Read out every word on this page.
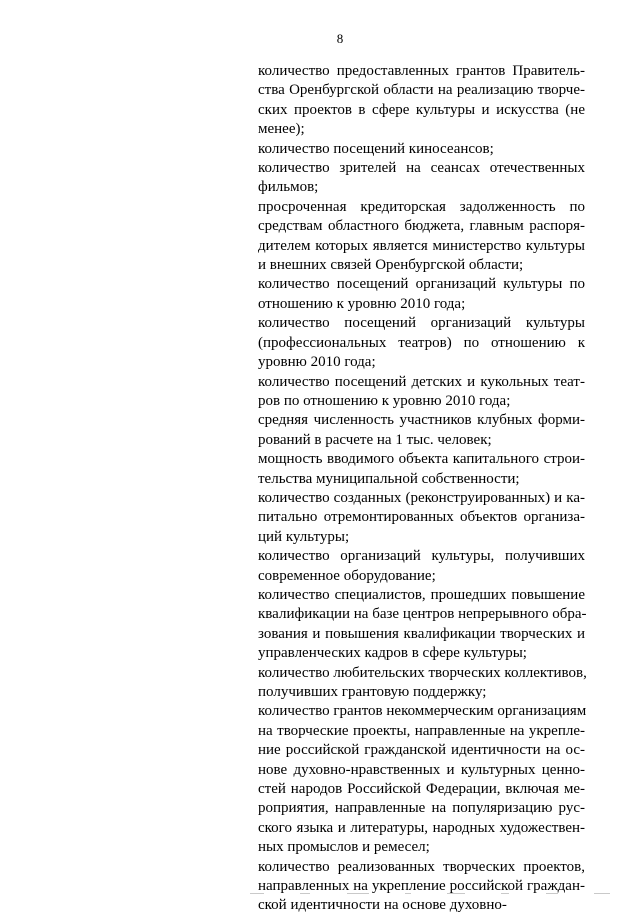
8

количество предоставленных грантов Правитель-
ства Оренбургской области на реализацию творче-
ских проектов в сфере культуры и искусства (не
менее);

количество посещений киносеансов;

количество зрителей на сеансах отечественных
фильмов;

просроченная кредиторская задолженность по
средствам областного бюджета, главным распоря-
дителем которых является министерство культуры
и внешних связей Оренбургской области;

количество посещений организаций культуры по
отношению к уровню 2010 года;

количество посещений организаций культуры
(профессиональных театров) по отношению к
уровню 2010 года;

количество посещений детских и кукольных теат-
ров по отношению к уровню 2010 года;

средняя численность участников клубных форми-
рований в расчете на 1 тыс. человек;

мощность вводимого объекта капитального строи-
тельства муниципальной собственности;

количество созданных (реконструированных) и ка-
питально отремонтированных объектов организа-
ций культуры;

количество организаций культуры, получивших
современное оборудование;

количество специалистов, прошедших повышение
квалификации на базе центров непрерывного обра-
зования и повышения квалификации творческих и
управленческих кадров в сфере культуры;

количество любительских творческих коллективов,
получивших грантовую поддержку;

количество грантов некоммерческим организациям
на творческие проекты, направленные на укрепле-
ние российской гражданской идентичности на ос-
нове духовно-нравственных и культурных ценно-
стей народов Российской Федерации, включая ме-
роприятия, направленные на популяризацию рус-
ского языка и литературы, народных художествен-
ных промыслов и ремесел;

количество реализованных творческих проектов,
направленных на укрепление российской граждан-
ской идентичности на основе духовно-
